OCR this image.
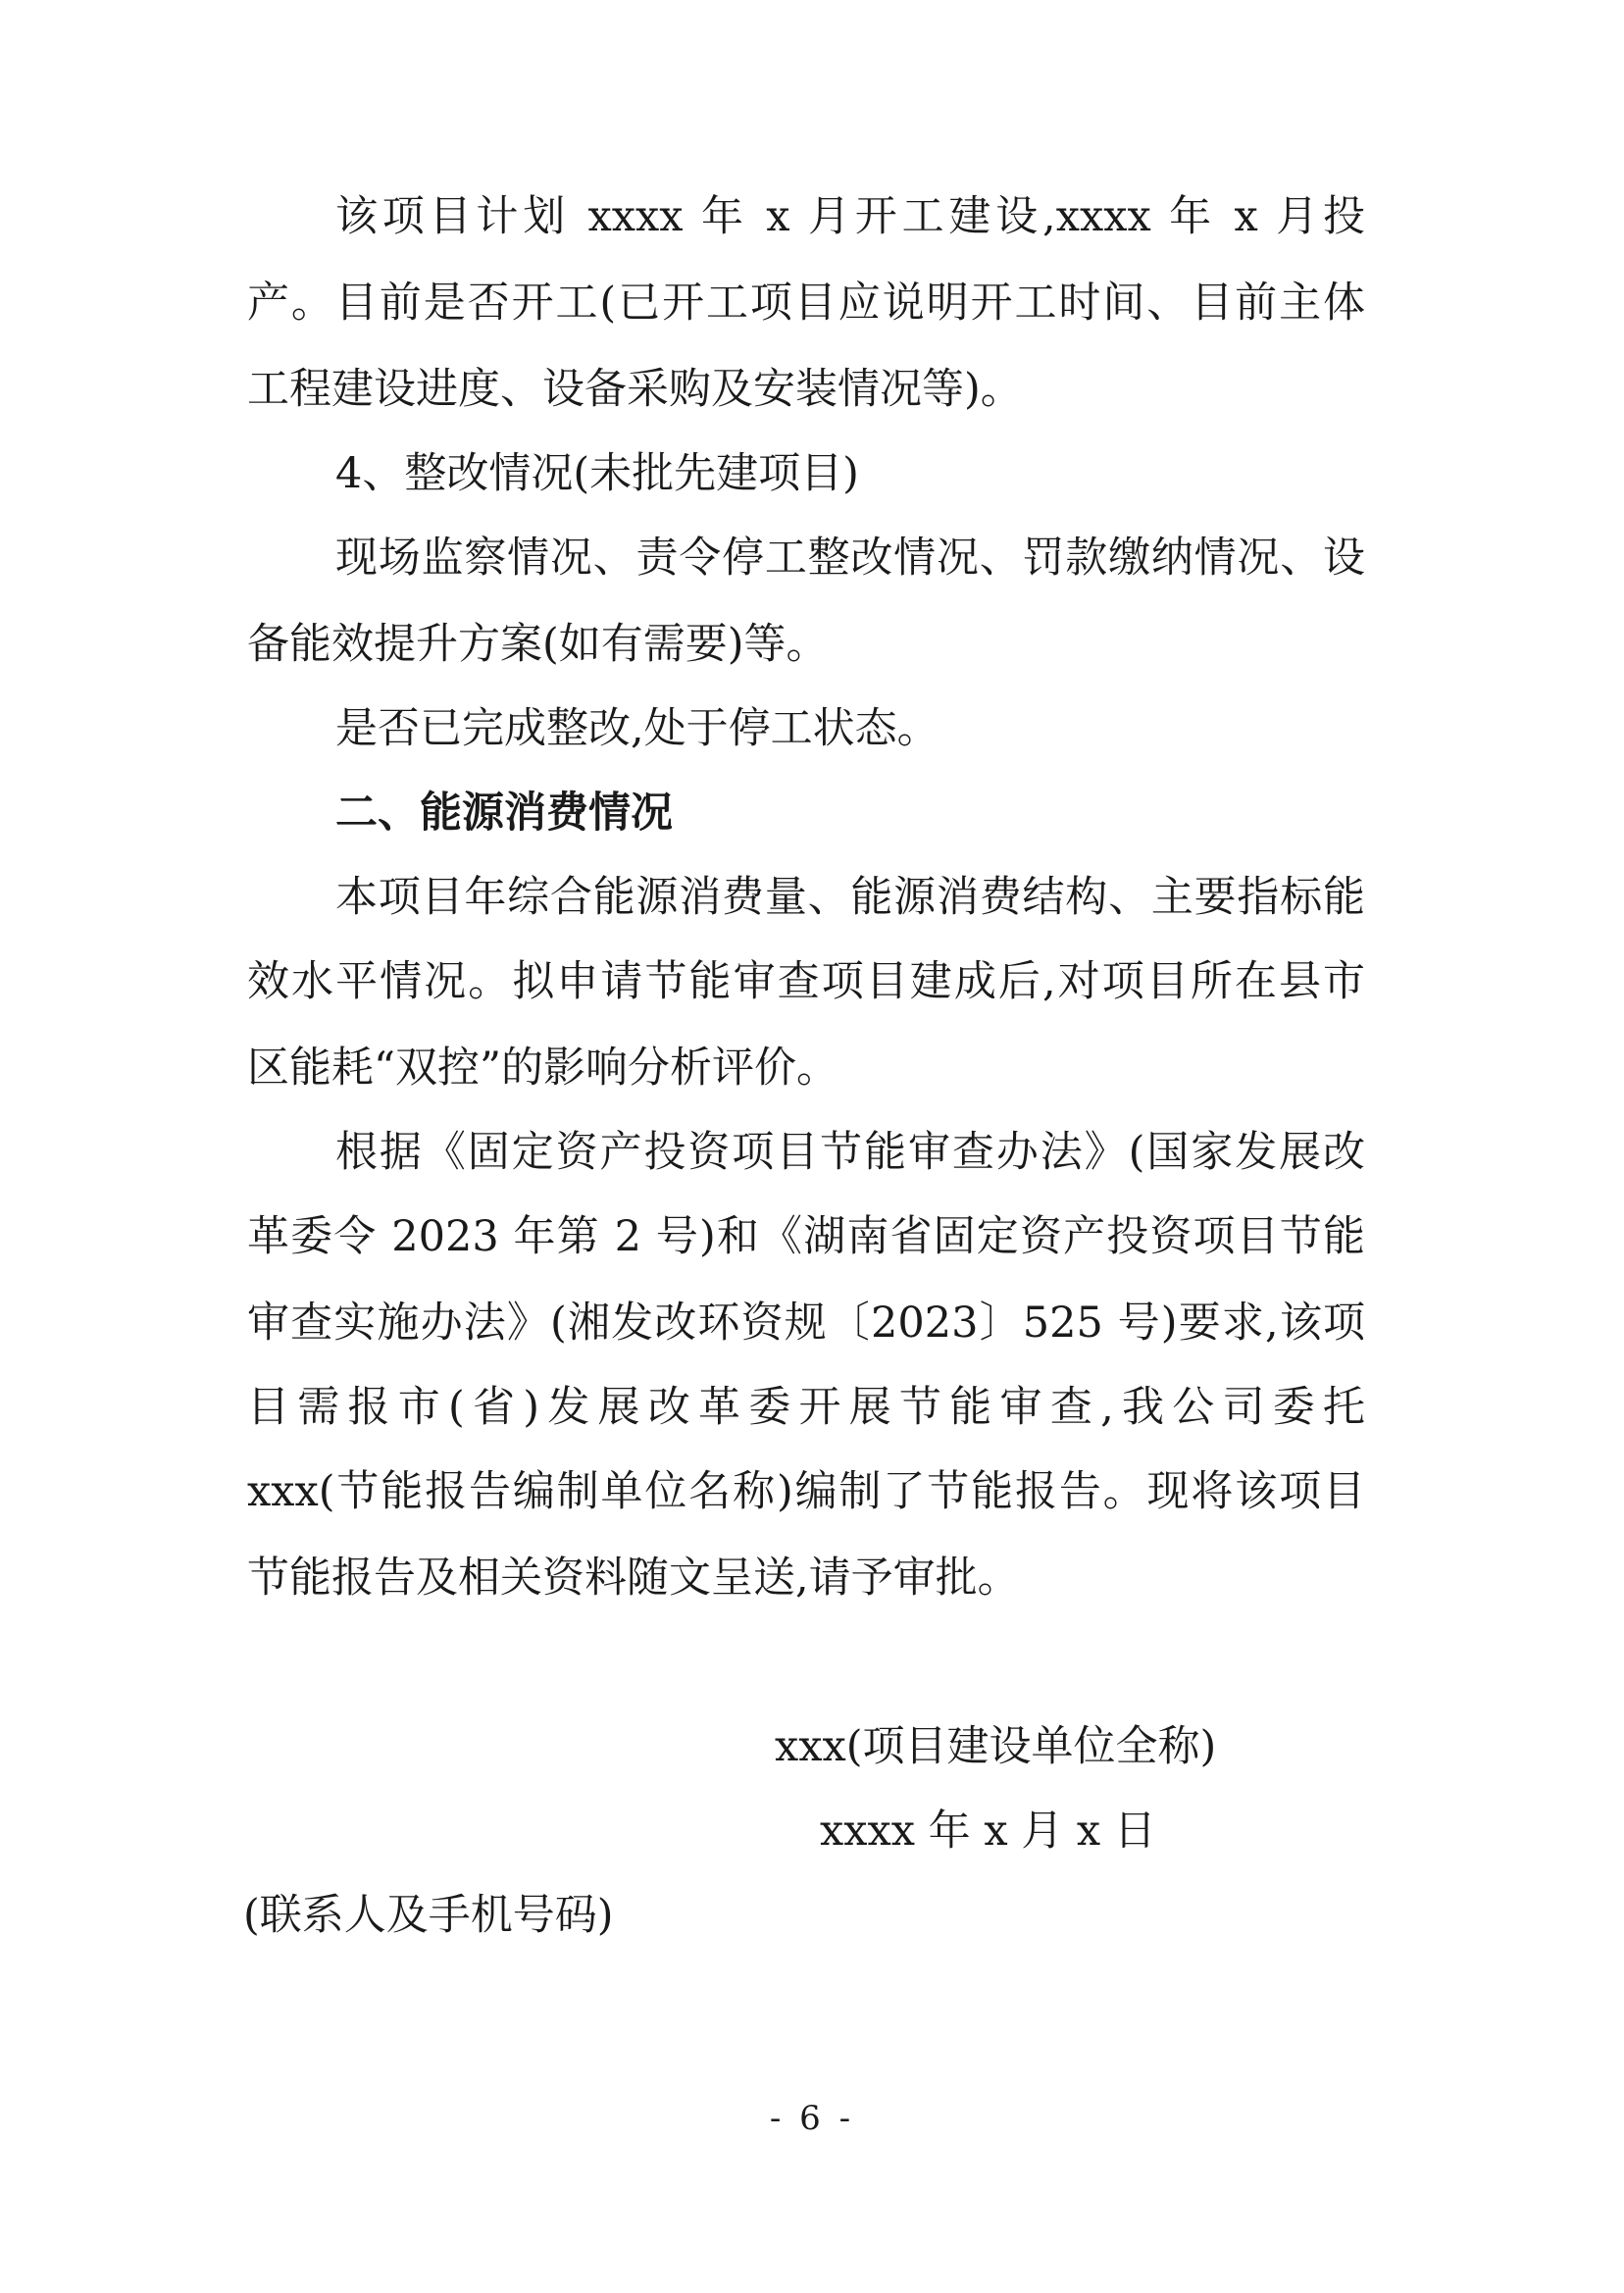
该项目计划 xxxx 年 x 月开工建设,xxxx 年 x 月投
产。目前是否开工(已开工项目应说明开工时间、目前主体
工程建设进度、设备采购及安装情况等)。
4、整改情况(未批先建项目)
现场监察情况、责令停工整改情况、罚款缴纳情况、设
备能效提升方案(如有需要)等。
是否已完成整改,处于停工状态。
二、能源消费情况
本项目年综合能源消费量、能源消费结构、主要指标能
效水平情况。拟申请节能审查项目建成后,对项目所在县市
区能耗“双控”的影响分析评价。
根据《固定资产投资项目节能审查办法》(国家发展改
革委令 2023 年第 2 号)和《湖南省固定资产投资项目节能
审查实施办法》(湘发改环资规〔2023〕525 号)要求,该项
目需报市(省)发展改革委开展节能审查,我公司委托
xxx(节能报告编制单位名称)编制了节能报告。现将该项目
节能报告及相关资料随文呈送,请予审批。
xxx(项目建设单位全称)
xxxx 年 x 月 x 日
(联系人及手机号码)
- 6 -
